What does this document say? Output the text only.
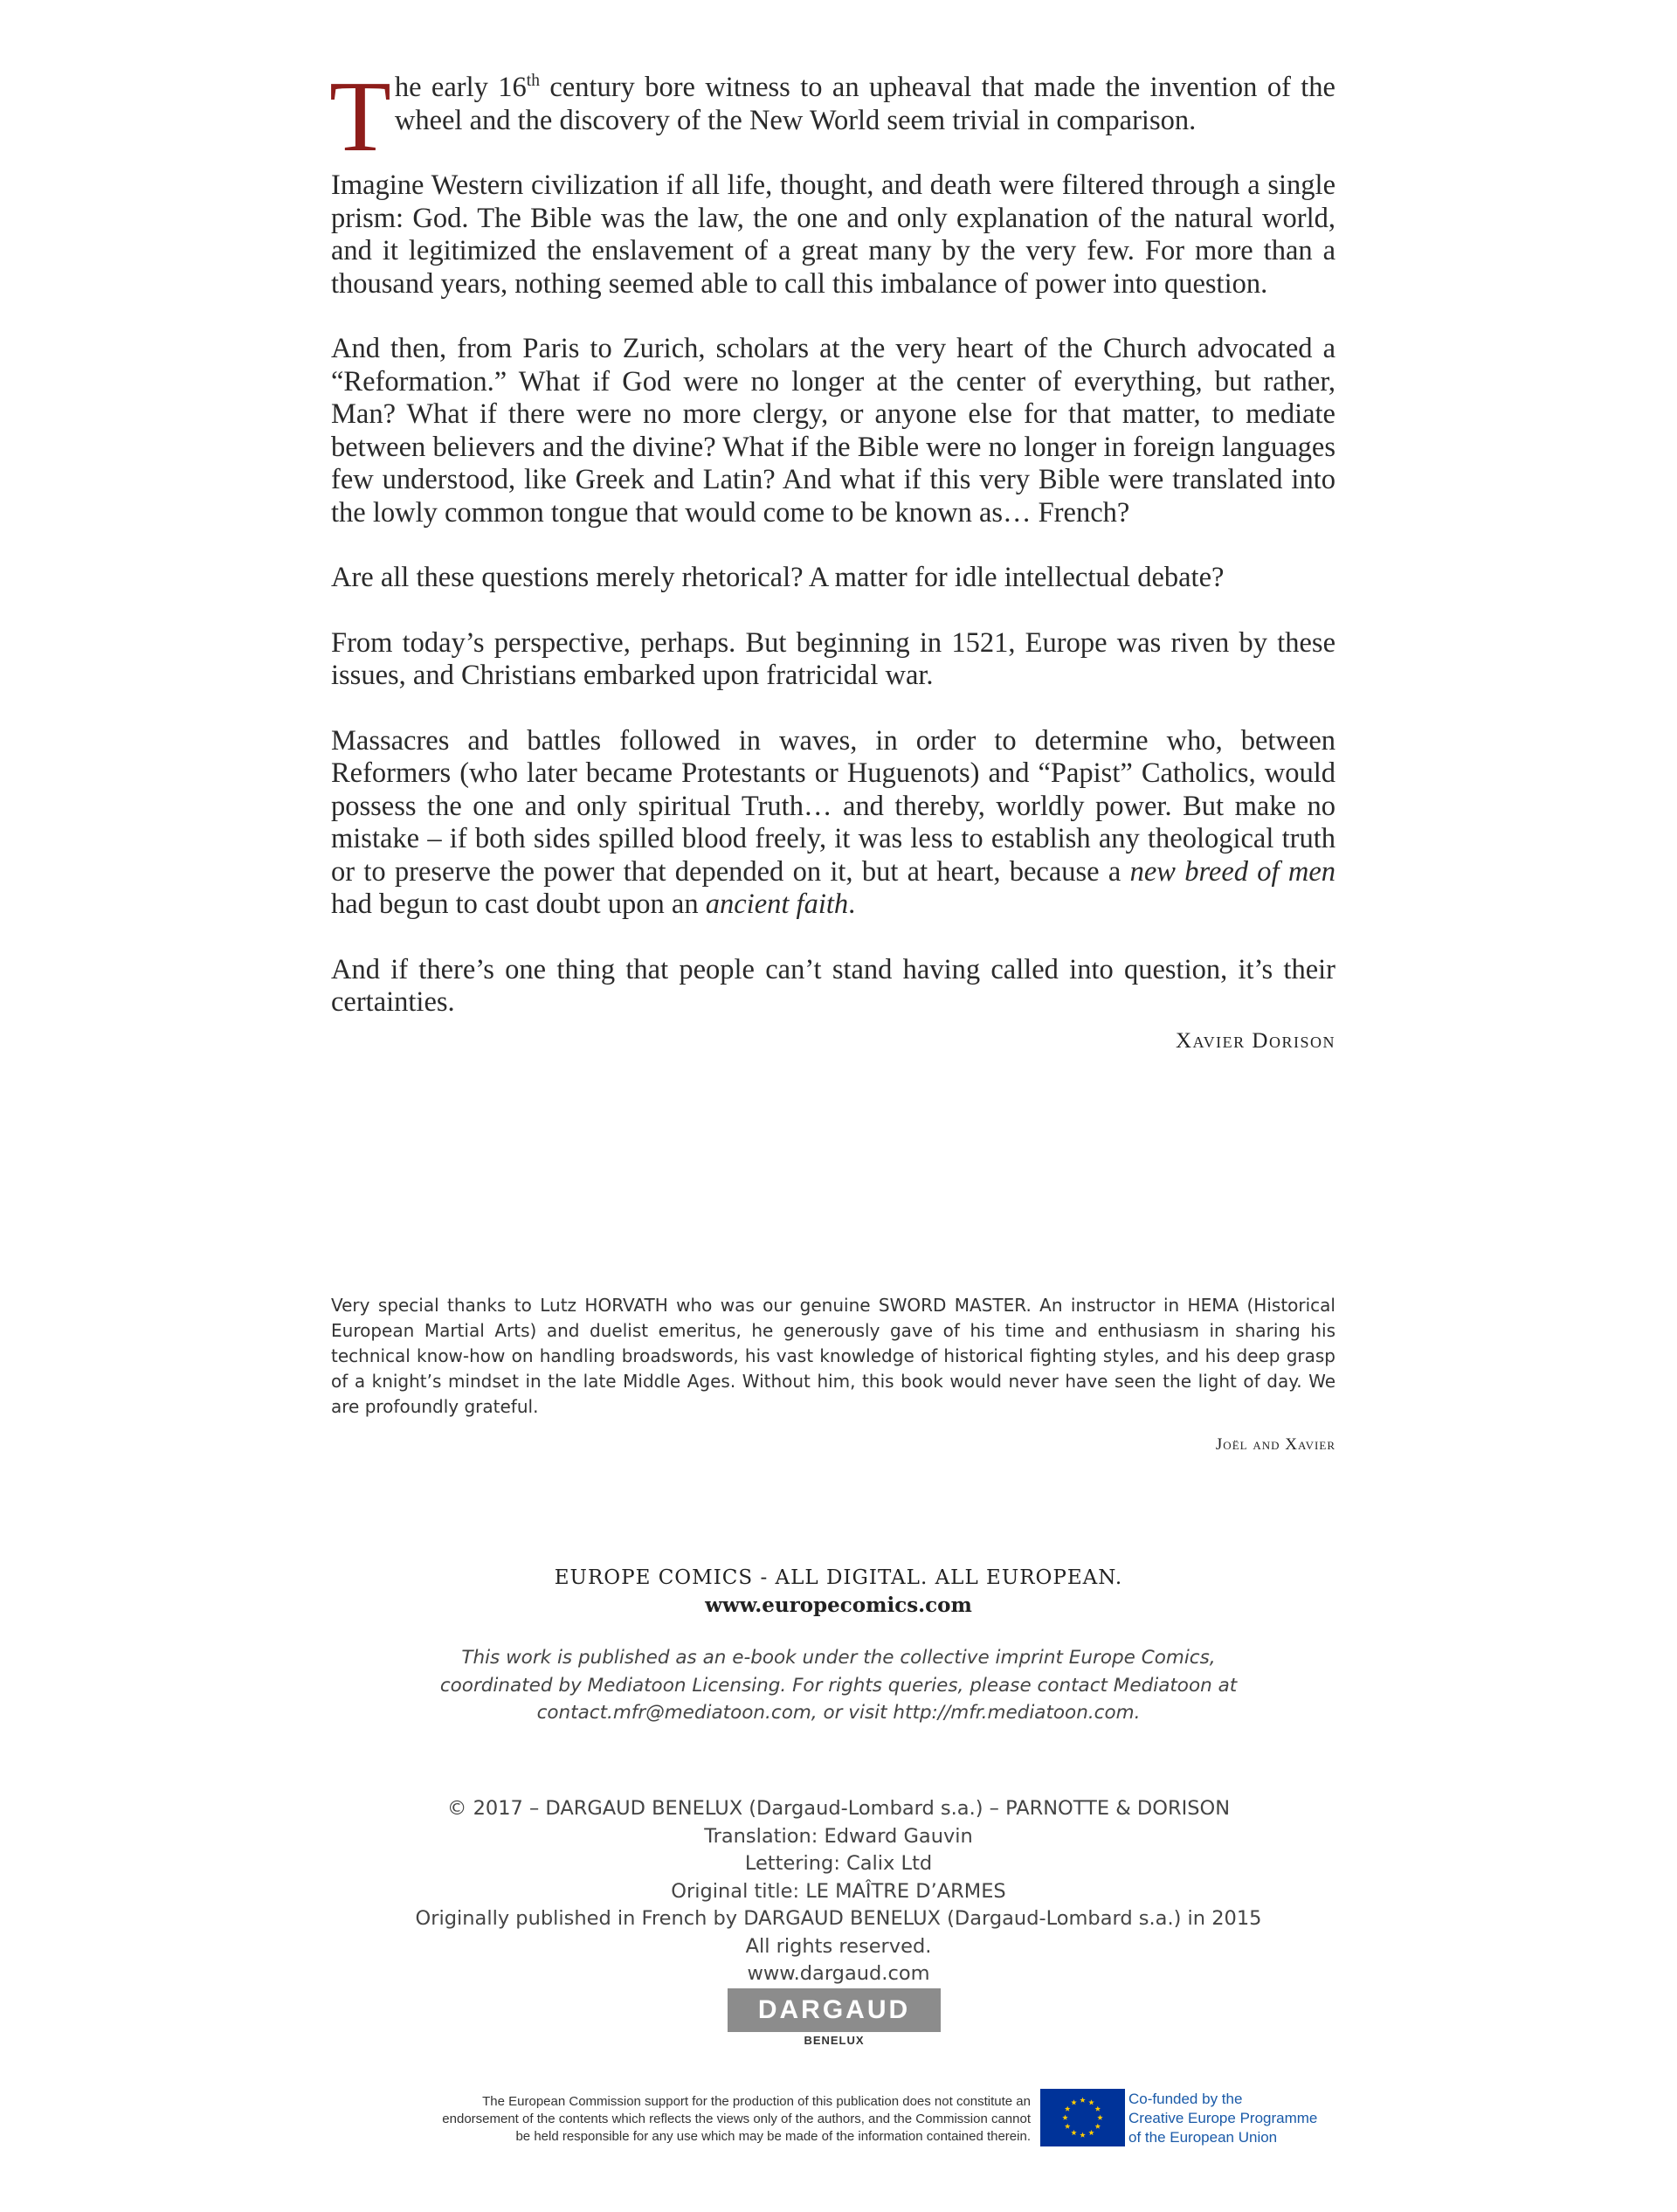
The early 16th century bore witness to an upheaval that made the invention of the wheel and the discovery of the New World seem trivial in comparison.

Imagine Western civilization if all life, thought, and death were filtered through a single prism: God. The Bible was the law, the one and only explanation of the natural world, and it legitimized the enslavement of a great many by the very few. For more than a thousand years, nothing seemed able to call this imbalance of power into question.

And then, from Paris to Zurich, scholars at the very heart of the Church advocated a “Reformation.” What if God were no longer at the center of everything, but rather, Man? What if there were no more clergy, or anyone else for that matter, to mediate between believers and the divine? What if the Bible were no longer in foreign languages few understood, like Greek and Latin? And what if this very Bible were translated into the lowly common tongue that would come to be known as… French?

Are all these questions merely rhetorical? A matter for idle intellectual debate?

From today’s perspective, perhaps. But beginning in 1521, Europe was riven by these issues, and Christians embarked upon fratricidal war.

Massacres and battles followed in waves, in order to determine who, between Reformers (who later became Protestants or Huguenots) and “Papist” Catholics, would possess the one and only spiritual Truth… and thereby, worldly power. But make no mistake – if both sides spilled blood freely, it was less to establish any theological truth or to preserve the power that depended on it, but at heart, because a new breed of men had begun to cast doubt upon an ancient faith.

And if there’s one thing that people can’t stand having called into question, it’s their certainties.

Xavier Dorison

Very special thanks to Lutz HORVATH who was our genuine SWORD MASTER. An instructor in HEMA (Historical European Martial Arts) and duelist emeritus, he generously gave of his time and enthusiasm in sharing his technical know-how on handling broadswords, his vast knowledge of historical fighting styles, and his deep grasp of a knight’s mindset in the late Middle Ages. Without him, this book would never have seen the light of day. We are profoundly grateful.

Joël and Xavier
EUROPE COMICS - ALL DIGITAL. ALL EUROPEAN.
www.europecomics.com
This work is published as an e-book under the collective imprint Europe Comics,
coordinated by Mediatoon Licensing. For rights queries, please contact Mediatoon at
contact.mfr@mediatoon.com, or visit http://mfr.mediatoon.com.
© 2017 – DARGAUD BENELUX (Dargaud-Lombard s.a.) – PARNOTTE & DORISON
Translation: Edward Gauvin
Lettering: Calix Ltd
Original title: LE MAÎTRE D’ARMES
Originally published in French by DARGAUD BENELUX (Dargaud-Lombard s.a.) in 2015
All rights reserved.
www.dargaud.com
DARGAUD
BENELUX
The European Commission support for the production of this publication does not constitute an
endorsement of the contents which reflects the views only of the authors, and the Commission cannot
be held responsible for any use which may be made of the information contained therein.
Co-funded by the
Creative Europe Programme
of the European Union
